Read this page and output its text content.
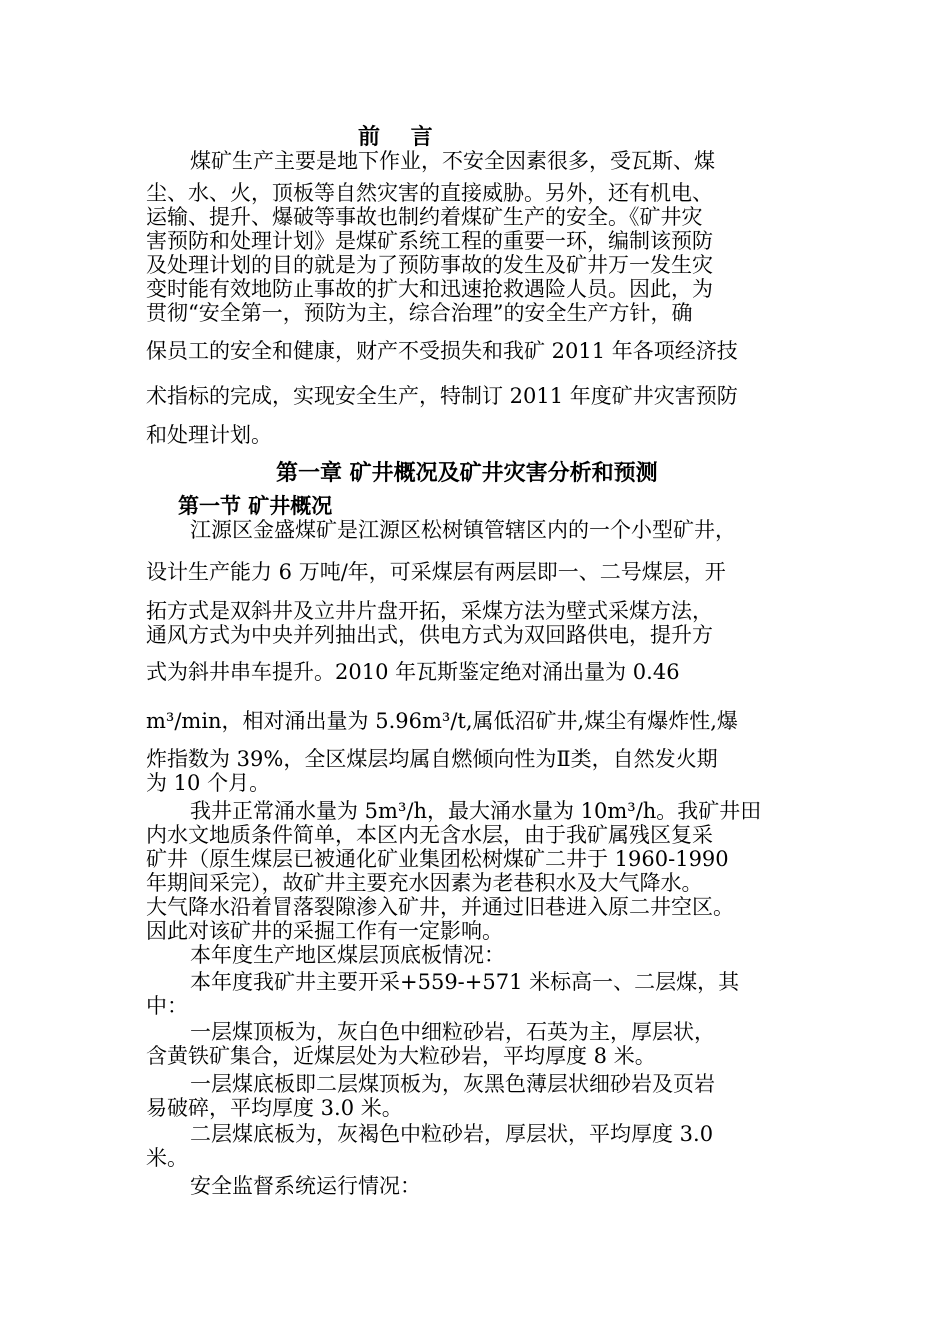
前    言
煤矿生产主要是地下作业，不安全因素很多，受瓦斯、煤
尘、水、火，顶板等自然灾害的直接威胁。另外，还有机电、
运输、提升、爆破等事故也制约着煤矿生产的安全。《矿井灾
害预防和处理计划》是煤矿系统工程的重要一环，编制该预防
及处理计划的目的就是为了预防事故的发生及矿井万一发生灾
变时能有效地防止事故的扩大和迅速抢救遇险人员。因此，为
贯彻“安全第一，预防为主，综合治理”的安全生产方针，确
保员工的安全和健康，财产不受损失和我矿 2011 年各项经济技
术指标的完成，实现安全生产，特制订 2011 年度矿井灾害预防
和处理计划。
第一章 矿井概况及矿井灾害分析和预测
第一节 矿井概况
江源区金盛煤矿是江源区松树镇管辖区内的一个小型矿井，
设计生产能力 6 万吨/年，可采煤层有两层即一、二号煤层，开
拓方式是双斜井及立井片盘开拓，采煤方法为壁式采煤方法，
通风方式为中央并列抽出式，供电方式为双回路供电，提升方
式为斜井串车提升。2010 年瓦斯鉴定绝对涌出量为 0.46
m³/min，相对涌出量为 5.96m³/t,属低沼矿井,煤尘有爆炸性,爆
炸指数为 39%，全区煤层均属自燃倾向性为Ⅱ类，自然发火期
为 10 个月。
我井正常涌水量为 5m³/h，最大涌水量为 10m³/h。我矿井田
内水文地质条件简单，本区内无含水层，由于我矿属残区复采
矿井（原生煤层已被通化矿业集团松树煤矿二井于 1960-1990
年期间采完），故矿井主要充水因素为老巷积水及大气降水。
大气降水沿着冒落裂隙渗入矿井，并通过旧巷进入原二井空区。
因此对该矿井的采掘工作有一定影响。
本年度生产地区煤层顶底板情况：
本年度我矿井主要开采+559-+571 米标高一、二层煤，其
中：
一层煤顶板为，灰白色中细粒砂岩，石英为主，厚层状，
含黄铁矿集合，近煤层处为大粒砂岩，平均厚度 8 米。
一层煤底板即二层煤顶板为，灰黑色薄层状细砂岩及页岩
易破碎，平均厚度 3.0 米。
二层煤底板为，灰褐色中粒砂岩，厚层状，平均厚度 3.0
米。
安全监督系统运行情况：
